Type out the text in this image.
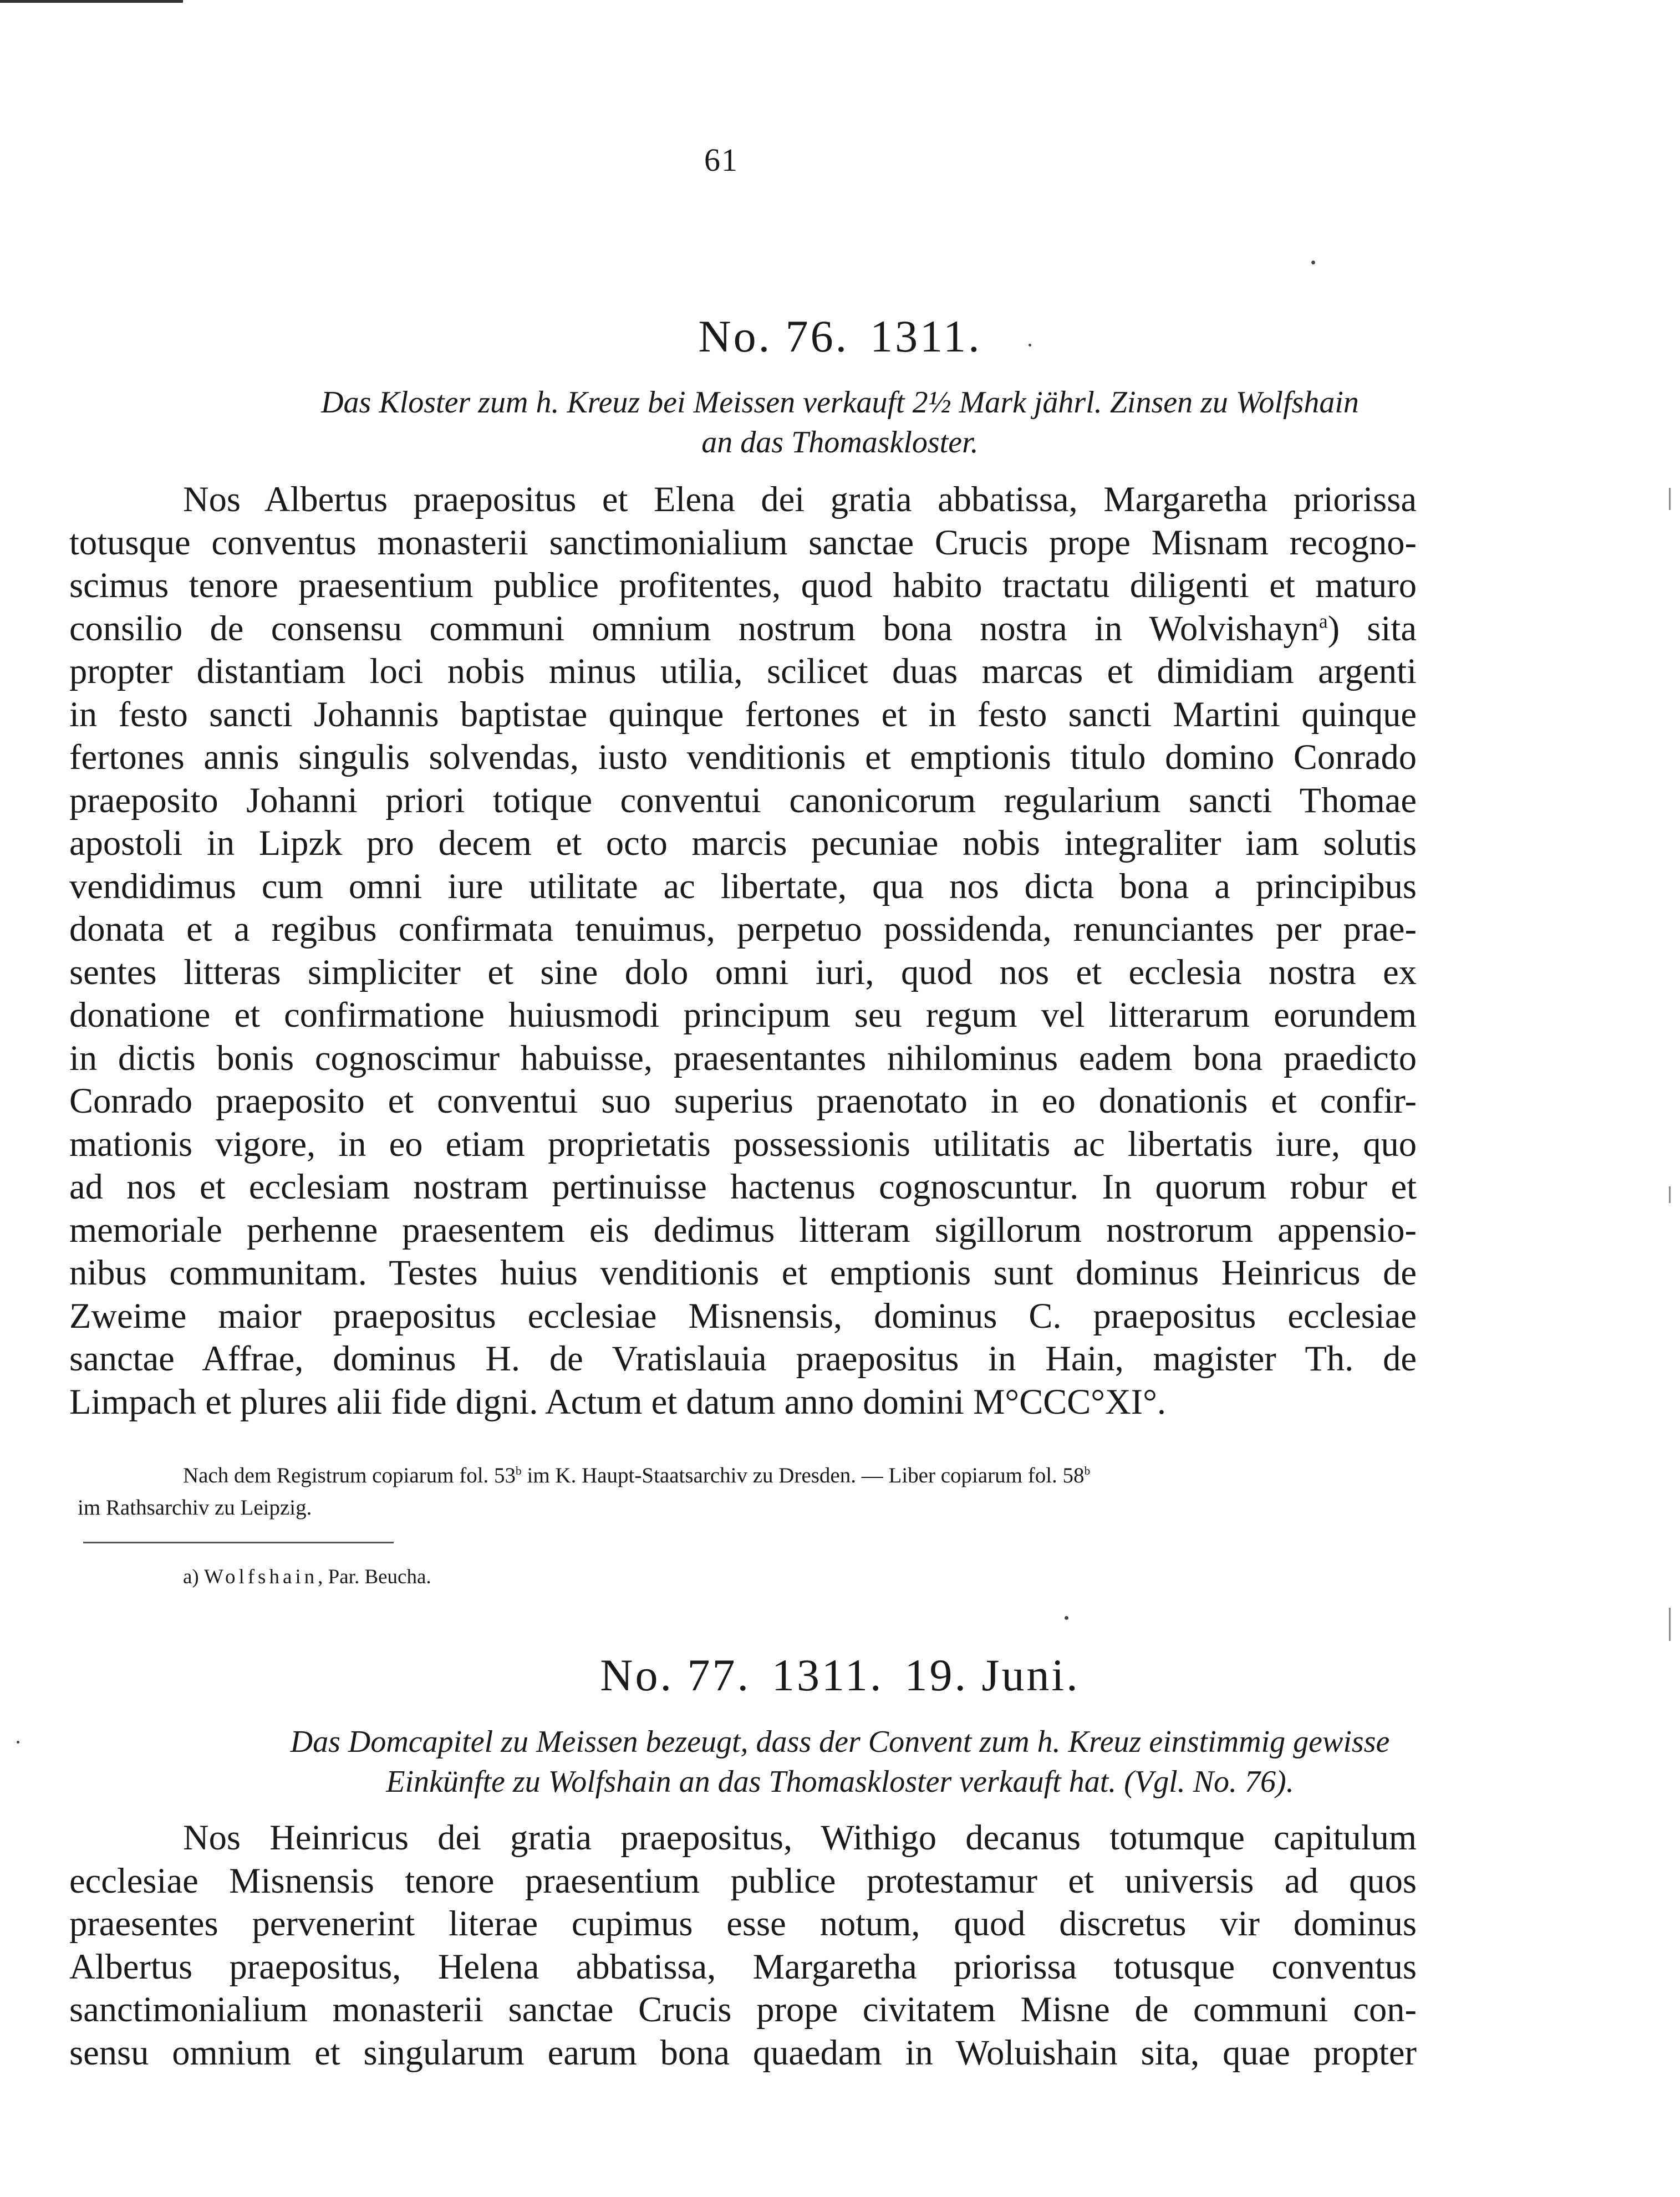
61
No. 76. 1311.

Das Kloster zum h. Kreuz bei Meissen verkauft 2½ Mark jährl. Zinsen zu Wolfshain

an das Thomaskloster.

Nos Albertus praepositus et Elena dei gratia abbatissa, Margaretha priorissa

totusque conventus monasterii sanctimonialium sanctae Crucis prope Misnam recogno-

scimus tenore praesentium publice profitentes, quod habito tractatu diligenti et maturo

consilio de consensu communi omnium nostrum bona nostra in Wolvishayn$^a$) sita

propter distantiam loci nobis minus utilia, scilicet duas marcas et dimidiam argenti

in festo sancti Johannis baptistae quinque fertones et in festo sancti Martini quinque

fertones annis singulis solvendas, iusto venditionis et emptionis titulo domino Conrado

praeposito Johanni priori totique conventui canonicorum regularium sancti Thomae

apostoli in Lipzk pro decem et octo marcis pecuniae nobis integraliter iam solutis

vendidimus cum omni iure utilitate ac libertate, qua nos dicta bona a principibus

donata et a regibus confirmata tenuimus, perpetuo possidenda, renunciantes per prae-

sentes litteras simpliciter et sine dolo omni iuri, quod nos et ecclesia nostra ex

donatione et confirmatione huiusmodi principum seu regum vel litterarum eorundem

in dictis bonis cognoscimur habuisse, praesentantes nihilominus eadem bona praedicto

Conrado praeposito et conventui suo superius praenotato in eo donationis et confir-

mationis vigore, in eo etiam proprietatis possessionis utilitatis ac libertatis iure, quo

ad nos et ecclesiam nostram pertinuisse hactenus cognoscuntur. In quorum robur et

memoriale perhenne praesentem eis dedimus litteram sigillorum nostrorum appensio-

nibus communitam. Testes huius venditionis et emptionis sunt dominus Heinricus de

Zweime maior praepositus ecclesiae Misnensis, dominus C. praepositus ecclesiae

sanctae Affrae, dominus H. de Vratislauia praepositus in Hain, magister Th. de

Limpach et plures alii fide digni. Actum et datum anno domini M°CCC°XI°.

Nach dem Registrum copiarum fol. 53$^b$ im K. Haupt-Staatsarchiv zu Dresden. — Liber copiarum fol. 58$^b$

im Rathsarchiv zu Leipzig.

a) Wolfshain, Par. Beucha.
No. 77. 1311. 19. Juni.

Das Domcapitel zu Meissen bezeugt, dass der Convent zum h. Kreuz einstimmig gewisse

Einkünfte zu Wolfshain an das Thomaskloster verkauft hat. (Vgl. No. 76).

Nos Heinricus dei gratia praepositus, Withigo decanus totumque capitulum

ecclesiae Misnensis tenore praesentium publice protestamur et universis ad quos

praesentes pervenerint literae cupimus esse notum, quod discretus vir dominus

Albertus praepositus, Helena abbatissa, Margaretha priorissa totusque conventus

sanctimonialium monasterii sanctae Crucis prope civitatem Misne de communi con-

sensu omnium et singularum earum bona quaedam in Woluishain sita, quae propter
